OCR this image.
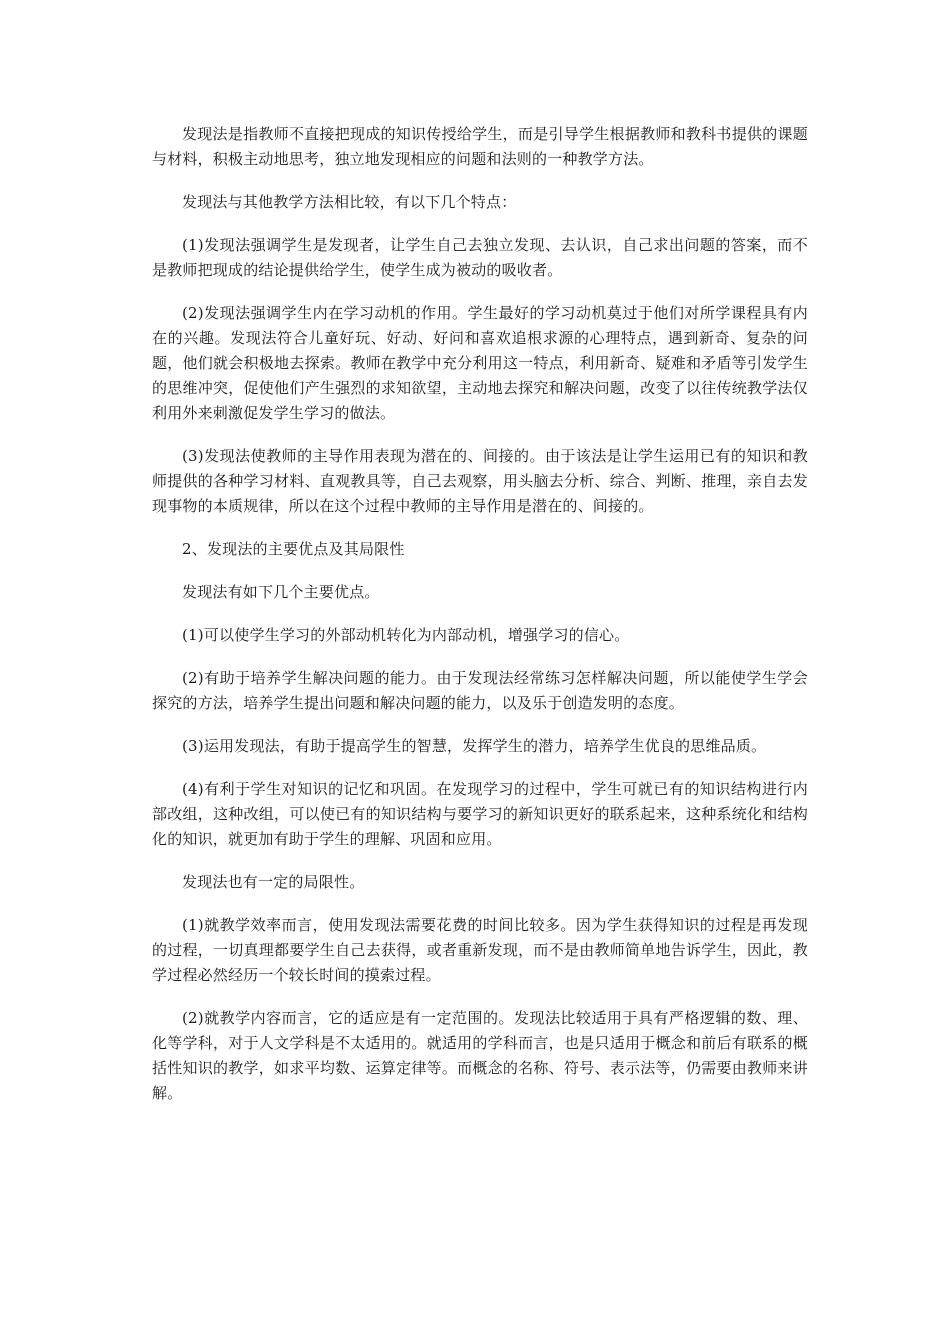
发现法是指教师不直接把现成的知识传授给学生，而是引导学生根据教师和教科书提供的课题与材料，积极主动地思考，独立地发现相应的问题和法则的一种教学方法。

发现法与其他教学方法相比较，有以下几个特点：

(1)发现法强调学生是发现者，让学生自己去独立发现、去认识，自己求出问题的答案，而不是教师把现成的结论提供给学生，使学生成为被动的吸收者。

(2)发现法强调学生内在学习动机的作用。学生最好的学习动机莫过于他们对所学课程具有内在的兴趣。发现法符合儿童好玩、好动、好问和喜欢追根求源的心理特点，遇到新奇、复杂的问题，他们就会积极地去探索。教师在教学中充分利用这一特点，利用新奇、疑难和矛盾等引发学生的思维冲突，促使他们产生强烈的求知欲望，主动地去探究和解决问题，改变了以往传统教学法仅利用外来刺激促发学生学习的做法。

(3)发现法使教师的主导作用表现为潜在的、间接的。由于该法是让学生运用已有的知识和教师提供的各种学习材料、直观教具等，自己去观察，用头脑去分析、综合、判断、推理，亲自去发现事物的本质规律，所以在这个过程中教师的主导作用是潜在的、间接的。

2、发现法的主要优点及其局限性

发现法有如下几个主要优点。

(1)可以使学生学习的外部动机转化为内部动机，增强学习的信心。

(2)有助于培养学生解决问题的能力。由于发现法经常练习怎样解决问题，所以能使学生学会探究的方法，培养学生提出问题和解决问题的能力，以及乐于创造发明的态度。

(3)运用发现法，有助于提高学生的智慧，发挥学生的潜力，培养学生优良的思维品质。

(4)有利于学生对知识的记忆和巩固。在发现学习的过程中，学生可就已有的知识结构进行内部改组，这种改组，可以使已有的知识结构与要学习的新知识更好的联系起来，这种系统化和结构化的知识，就更加有助于学生的理解、巩固和应用。

发现法也有一定的局限性。

(1)就教学效率而言，使用发现法需要花费的时间比较多。因为学生获得知识的过程是再发现的过程，一切真理都要学生自己去获得，或者重新发现，而不是由教师简单地告诉学生，因此，教学过程必然经历一个较长时间的摸索过程。

(2)就教学内容而言，它的适应是有一定范围的。发现法比较适用于具有严格逻辑的数、理、化等学科，对于人文学科是不太适用的。就适用的学科而言，也是只适用于概念和前后有联系的概括性知识的教学，如求平均数、运算定律等。而概念的名称、符号、表示法等，仍需要由教师来讲解。
